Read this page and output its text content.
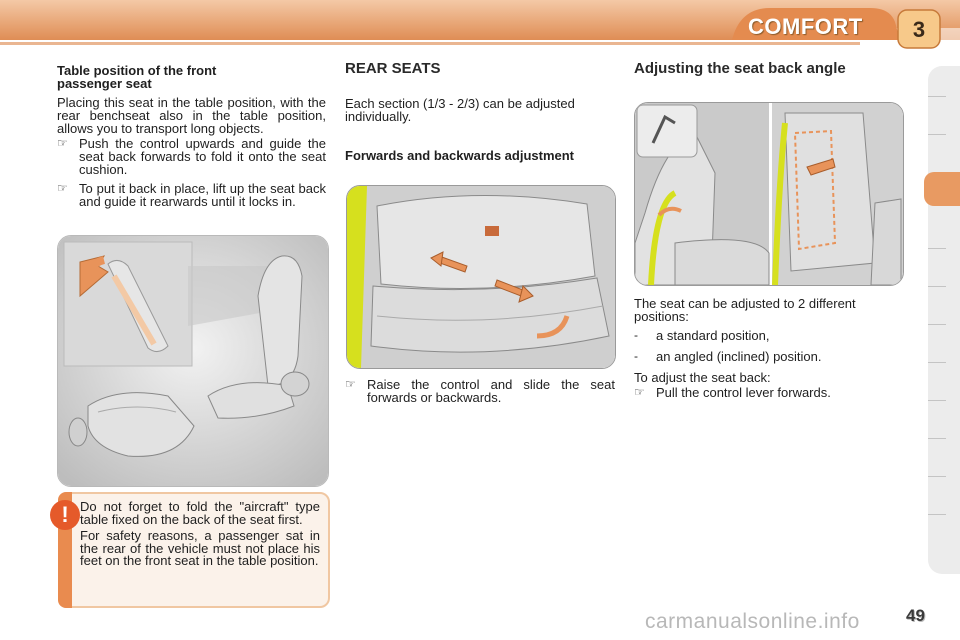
COMFORT	3
Table position of the front passenger seat

Placing this seat in the table position, with the rear benchseat also in the table position, allows you to transport long objects.

☞ Push the control upwards and guide the seat back forwards to fold it onto the seat cushion.
☞ To put it back in place, lift up the seat back and guide it rearwards until it locks in.
! Do not forget to fold the "aircraft" type table fixed on the back of the seat first.

For safety reasons, a passenger sat in the rear of the vehicle must not place his feet on the front seat in the table position.

REAR SEATS

Each section (1/3 - 2/3) can be adjusted individually.

Forwards and backwards adjustment
☞ Raise the control and slide the seat forwards or backwards.
Adjusting the seat back angle

The seat can be adjusted to 2 different positions:

-	a standard position,
-	an angled (inclined) position.

To adjust the seat back:

☞ Pull the control lever forwards.
carmanualsonline.info	49
